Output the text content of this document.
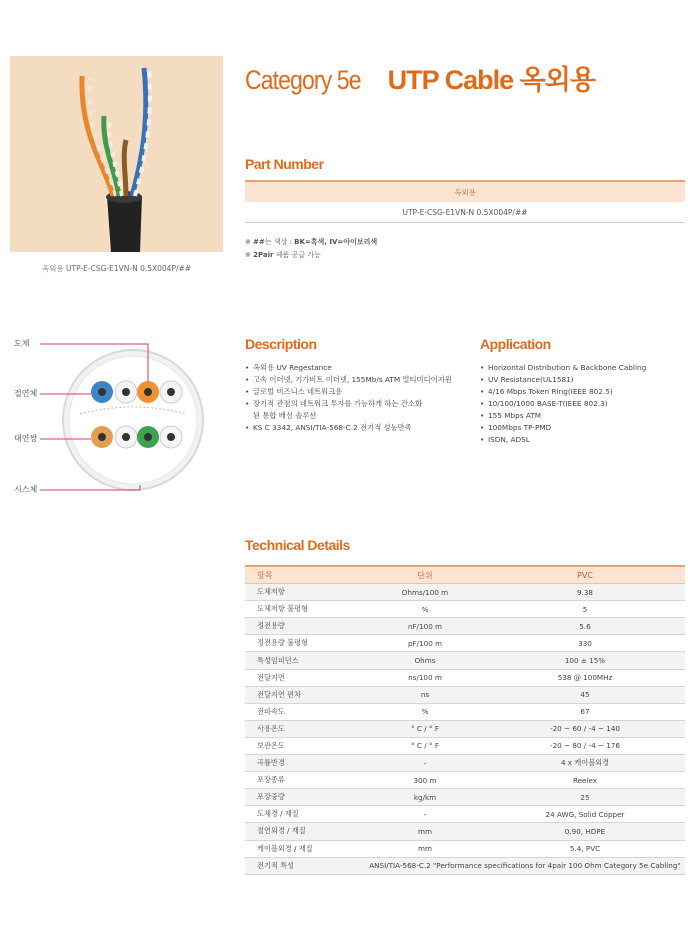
옥외용 UTP-E-CSG-E1VN-N 0.5X004P/##
Category 5e UTP Cable 옥외용
Part Number
옥외용
UTP-E-CSG-E1VN-N 0.5X004P/##
※ ##는 색상 : BK=흑색, IV=아이보리색
※ 2Pair 제품 공급 가능
도체
절연체
대연쌍
시스체
Description
• 옥외용 UV Regestance
• 고속 이더넷, 기가비트 이더넷, 155Mb/s ATM 멀티미디어지원
• 글로벌 비즈니스 네트워크용
• 장기적 관점의 네트워크 투자를 가능하게 하는 간소화된 통합 배선 솔루션
• KS C 3342, ANSI/TIA-568-C.2 전기적 성능만족
Application
• Horizontal Distribution & Backbone Cabling
• UV Resistance(UL1581)
• 4/16 Mbps Token Ring(IEEE 802.5)
• 10/100/1000 BASE-T(IEEE 802.3)
• 155 Mbps ATM
• 100Mbps TP-PMD
• ISDN, ADSL
Technical Details
항목	단위	PVC
도체저항	Ohms/100 m	9.38
도체저항 불평형	%	5
정전용량	nF/100 m	5.6
정전용량 불평형	pF/100 m	330
특성임피던스	Ohms	100 ± 15%
전달지연	ns/100 m	538 @ 100MHz
전달지연 편차	ns	45
전파속도	%	67
사용온도	° C / ° F	-20 ~ 60 / -4 ~ 140
보관온도	° C / ° F	-20 ~ 80 / -4 ~ 176
곡률반경	-	4 x 케이블외경
포장종류	300 m	Reelex
포장중량	kg/km	25
도체경 / 재질	-	24 AWG, Solid Copper
절연외경 / 재질	mm	0.90, HDPE
케이블외경 / 재질	mm	5.4, PVC
전기적 특성	ANSI/TIA-568-C.2 "Performance specifications for 4pair 100 Ohm Category 5e Cabling"	
